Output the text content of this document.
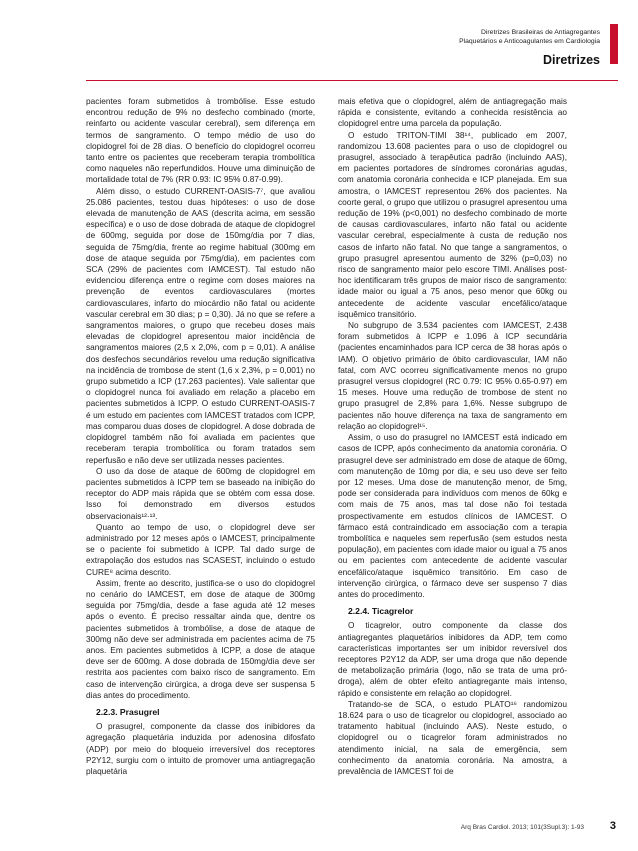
Diretrizes Brasileiras de Antiagregantes
Plaquetários e Anticoagulantes em Cardiologia
Diretrizes

pacientes foram submetidos à trombólise. Esse estudo encontrou redução de 9% no desfecho combinado (morte, reinfarto ou acidente vascular cerebral), sem diferença em termos de sangramento. O tempo médio de uso do clopidogrel foi de 28 dias. O benefício do clopidogrel ocorreu tanto entre os pacientes que receberam terapia trombolítica como naqueles não reperfundidos. Houve uma diminuição de mortalidade total de 7% (RR 0.93: IC 95% 0.87-0.99).

Além disso, o estudo CURRENT-OASIS-7⁷, que avaliou 25.086 pacientes, testou duas hipóteses: o uso de dose elevada de manutenção de AAS (descrita acima, em sessão específica) e o uso de dose dobrada de ataque de clopidogrel de 600mg, seguida por dose de 150mg/dia por 7 dias, seguida de 75mg/dia, frente ao regime habitual (300mg em dose de ataque seguida por 75mg/dia), em pacientes com SCA (29% de pacientes com IAMCEST). Tal estudo não evidenciou diferença entre o regime com doses maiores na prevenção de eventos cardiovasculares (mortes cardiovasculares, infarto do miocárdio não fatal ou acidente vascular cerebral em 30 dias; p = 0,30). Já no que se refere a sangramentos maiores, o grupo que recebeu doses mais elevadas de clopidogrel apresentou maior incidência de sangramentos maiores (2,5 x 2,0%, com p = 0,01). A análise dos desfechos secundários revelou uma redução significativa na incidência de trombose de stent (1,6 x 2,3%, p = 0,001) no grupo submetido a ICP (17.263 pacientes). Vale salientar que o clopidogrel nunca foi avaliado em relação a placebo em pacientes submetidos à ICPP. O estudo CURRENT-OASIS-7 é um estudo em pacientes com IAMCEST tratados com ICPP, mas comparou duas doses de clopidogrel. A dose dobrada de clopidogrel também não foi avaliada em pacientes que receberam terapia trombolítica ou foram tratados sem reperfusão e não deve ser utilizada nesses pacientes.

O uso da dose de ataque de 600mg de clopidogrel em pacientes submetidos à ICPP tem se baseado na inibição do receptor do ADP mais rápida que se obtém com essa dose. Isso foi demonstrado em diversos estudos observacionais¹²·¹³.

Quanto ao tempo de uso, o clopidogrel deve ser administrado por 12 meses após o IAMCEST, principalmente se o paciente foi submetido à ICPP. Tal dado surge de extrapolação dos estudos nas SCASEST, incluindo o estudo CURE⁸ acima descrito.

Assim, frente ao descrito, justifica-se o uso do clopidogrel no cenário do IAMCEST, em dose de ataque de 300mg seguida por 75mg/dia, desde a fase aguda até 12 meses após o evento. É preciso ressaltar ainda que, dentre os pacientes submetidos à trombólise, a dose de ataque de 300mg não deve ser administrada em pacientes acima de 75 anos. Em pacientes submetidos à ICPP, a dose de ataque deve ser de 600mg. A dose dobrada de 150mg/dia deve ser restrita aos pacientes com baixo risco de sangramento. Em caso de intervenção cirúrgica, a droga deve ser suspensa 5 dias antes do procedimento.

2.2.3. Prasugrel

O prasugrel, componente da classe dos inibidores da agregação plaquetária induzida por adenosina difosfato (ADP) por meio do bloqueio irreversível dos receptores P2Y12, surgiu com o intuito de promover uma antiagregação plaquetária

mais efetiva que o clopidogrel, além de antiagregação mais rápida e consistente, evitando a conhecida resistência ao clopidogrel entre uma parcela da população.

O estudo TRITON-TIMI 38¹⁴, publicado em 2007, randomizou 13.608 pacientes para o uso de clopidogrel ou prasugrel, associado à terapêutica padrão (incluindo AAS), em pacientes portadores de síndromes coronárias agudas, com anatomia coronária conhecida e ICP planejada. Em sua amostra, o IAMCEST representou 26% dos pacientes. Na coorte geral, o grupo que utilizou o prasugrel apresentou uma redução de 19% (p<0,001) no desfecho combinado de morte de causas cardiovasculares, infarto não fatal ou acidente vascular cerebral, especialmente à custa de redução nos casos de infarto não fatal. No que tange a sangramentos, o grupo prasugrel apresentou aumento de 32% (p=0,03) no risco de sangramento maior pelo escore TIMI. Análises post-hoc identificaram três grupos de maior risco de sangramento: idade maior ou igual a 75 anos, peso menor que 60kg ou antecedente de acidente vascular encefálico/ataque isquêmico transitório.

No subgrupo de 3.534 pacientes com IAMCEST, 2.438 foram submetidos à ICPP e 1.096 à ICP secundária (pacientes encaminhados para ICP cerca de 38 horas após o IAM). O objetivo primário de óbito cardiovascular, IAM não fatal, com AVC ocorreu significativamente menos no grupo prasugrel versus clopidogrel (RC 0.79: IC 95% 0.65-0.97) em 15 meses. Houve uma redução de trombose de stent no grupo prasugrel de 2,8% para 1,6%. Nesse subgrupo de pacientes não houve diferença na taxa de sangramento em relação ao clopidogrel¹⁵.

Assim, o uso do prasugrel no IAMCEST está indicado em casos de ICPP, após conhecimento da anatomia coronária. O prasugrel deve ser administrado em dose de ataque de 60mg, com manutenção de 10mg por dia, e seu uso deve ser feito por 12 meses. Uma dose de manutenção menor, de 5mg, pode ser considerada para indivíduos com menos de 60kg e com mais de 75 anos, mas tal dose não foi testada prospectivamente em estudos clínicos de IAMCEST. O fármaco está contraindicado em associação com a terapia trombolítica e naqueles sem reperfusão (sem estudos nesta população), em pacientes com idade maior ou igual a 75 anos ou em pacientes com antecedente de acidente vascular encefálico/ataque isquêmico transitório. Em caso de intervenção cirúrgica, o fármaco deve ser suspenso 7 dias antes do procedimento.

2.2.4. Ticagrelor

O ticagrelor, outro componente da classe dos antiagregantes plaquetários inibidores da ADP, tem como características importantes ser um inibidor reversível dos receptores P2Y12 da ADP, ser uma droga que não depende de metabolização primária (logo, não se trata de uma pró-droga), além de obter efeito antiagregante mais intenso, rápido e consistente em relação ao clopidogrel.

Tratando-se de SCA, o estudo PLATO¹⁶ randomizou 18.624 para o uso de ticagrelor ou clopidogrel, associado ao tratamento habitual (incluindo AAS). Neste estudo, o clopidogrel ou o ticagrelor foram administrados no atendimento inicial, na sala de emergência, sem conhecimento da anatomia coronária. Na amostra, a prevalência de IAMCEST foi de

Arq Bras Cardiol. 2013; 101(3Supl.3): 1-93 3
